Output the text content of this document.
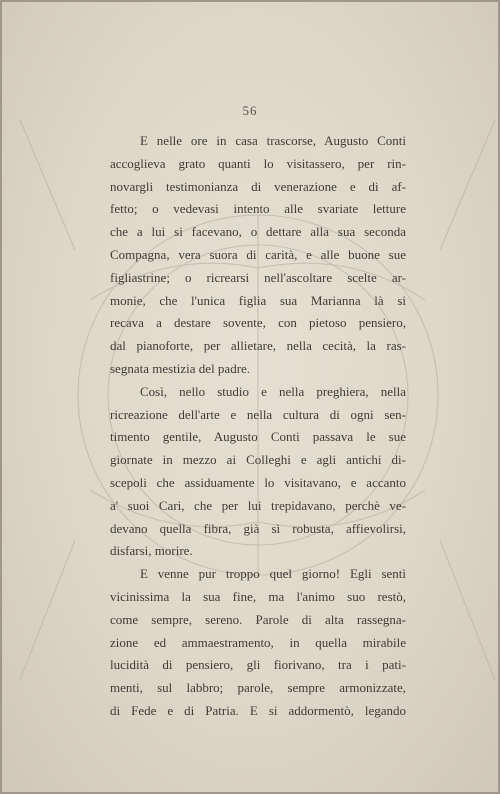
56

E nelle ore in casa trascorse, Augusto Conti
accoglieva grato quanti lo visitassero, per rin-
novargli testimonianza di venerazione e di af-
fetto; o vedevasi intento alle svariate letture
che a lui si facevano, o dettare alla sua seconda
Compagna, vera suora di carità, e alle buone sue
figliastrine; o ricrearsi nell'ascoltare scelte ar-
monie, che l'unica figlia sua Marianna là si
recava a destare sovente, con pietoso pensiero,
dal pianoforte, per allietare, nella cecità, la ras-
segnata mestizia del padre.

Così, nello studio e nella preghiera, nella
ricreazione dell'arte e nella cultura di ogni sen-
timento gentile, Augusto Conti passava le sue
giornate in mezzo ai Colleghi e agli antichi di-
scepoli che assiduamente lo visitavano, e accanto
a' suoi Cari, che per lui trepidavano, perchè ve-
devano quella fibra, già sì robusta, affievolirsi,
disfarsi, morire.

E venne pur troppo quel giorno! Egli sentì
vicinissima la sua fine, ma l'animo suo restò,
come sempre, sereno. Parole di alta rassegna-
zione ed ammaestramento, in quella mirabile
lucidità di pensiero, gli fiorivano, tra i pati-
menti, sul labbro; parole, sempre armonizzate,
di Fede e di Patria. E si addormentò, legando
